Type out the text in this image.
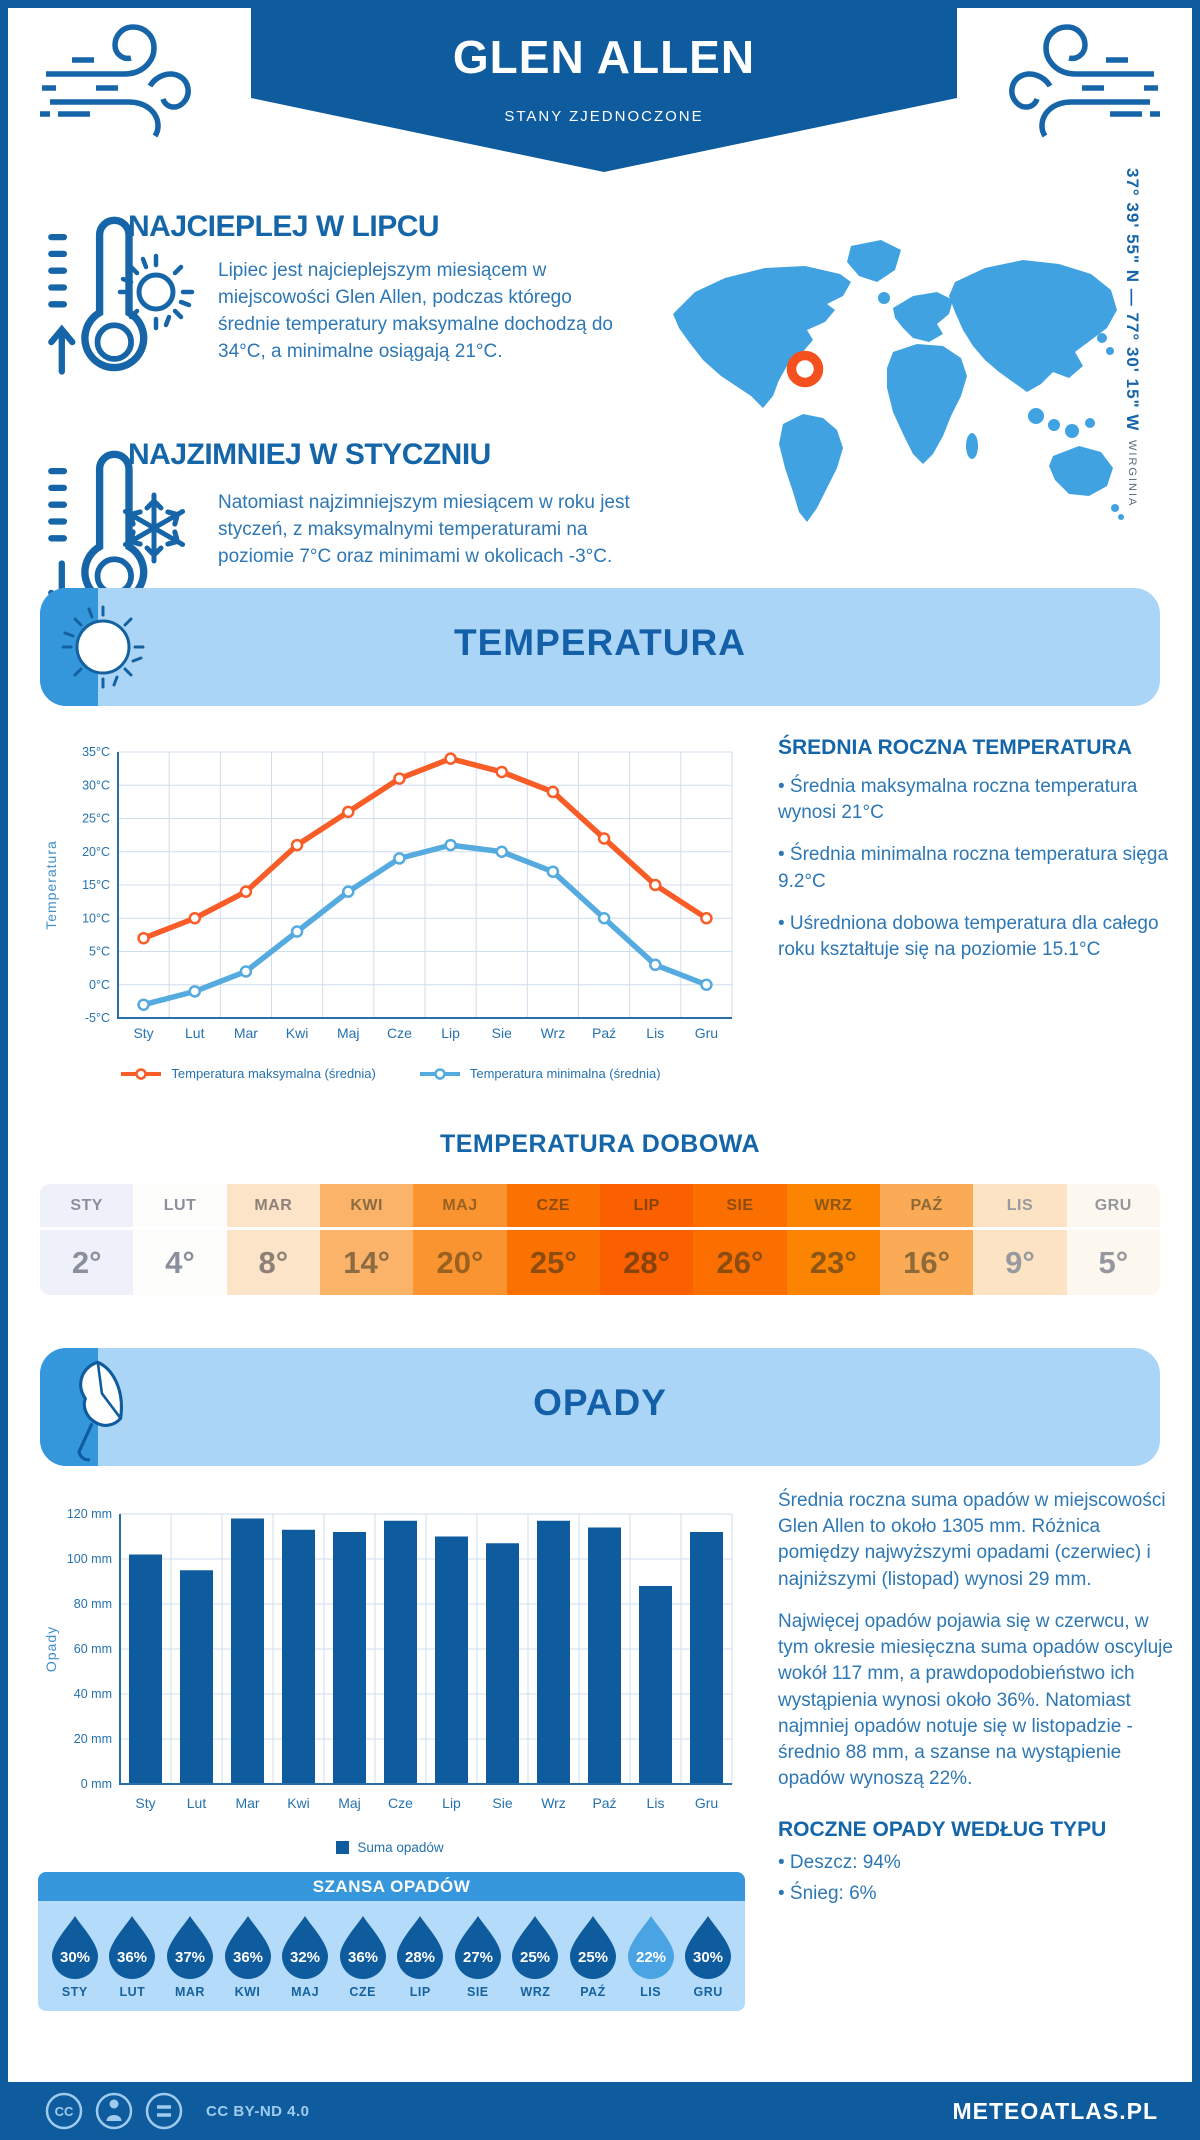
GLEN ALLEN
STANY ZJEDNOCZONE
NAJCIEPLEJ W LIPCU
Lipiec jest najcieplejszym miesiącem w miejscowości Glen Allen, podczas którego średnie temperatury maksymalne dochodzą do 34°C, a minimalne osiągają 21°C.
NAJZIMNIEJ W STYCZNIU
Natomiast najzimniejszym miesiącem w roku jest styczeń, z maksymalnymi temperaturami na poziomie 7°C oraz minimami w okolicach -3°C.
37° 39' 55" N — 77° 30' 15" W WIRGINIA
TEMPERATURA
35°C
30°C
25°C
20°C
15°C
10°C
5°C
0°C
-5°C
Sty Lut Mar Kwi Maj Cze Lip Sie Wrz Paź Lis Gru
Temperatura
Temperatura maksymalna (średnia)	Temperatura minimalna (średnia)
ŚREDNIA ROCZNA TEMPERATURA

• Średnia maksymalna roczna temperatura wynosi 21°C

• Średnia minimalna roczna temperatura sięga 9.2°C

• Uśredniona dobowa temperatura dla całego roku kształtuje się na poziomie 15.1°C

TEMPERATURA DOBOWA
STY
2°
LUT
4°
MAR
8°
KWI
14°
MAJ
20°
CZE
25°
LIP
28°
SIE
26°
WRZ
23°
PAŹ
16°
LIS
9°
GRU
5°
OPADY
0 mm
20 mm
40 mm
60 mm
80 mm
100 mm
120 mm
Sty Lut Mar Kwi Maj Cze Lip Sie Wrz Paź Lis Gru
Opady
Suma opadów

Średnia roczna suma opadów w miejscowości Glen Allen to około 1305 mm. Różnica pomiędzy najwyższymi opadami (czerwiec) i najniższymi (listopad) wynosi 29 mm.

Najwięcej opadów pojawia się w czerwcu, w tym okresie miesięczna suma opadów oscyluje wokół 117 mm, a prawdopodobieństwo ich wystąpienia wynosi około 36%. Natomiast najmniej opadów notuje się w listopadzie - średnio 88 mm, a szanse na wystąpienie opadów wynoszą 22%.

ROCZNE OPADY WEDŁUG TYPU

• Deszcz: 94%

• Śnieg: 6%

SZANSA OPADÓW
30%
STY
36%
LUT
37%
MAR
36%
KWI
32%
MAJ
36%
CZE
28%
LIP
27%
SIE
25%
WRZ
25%
PAŹ
22%
LIS
30%
GRU
CC	CC BY-ND 4.0	METEOATLAS.PL
